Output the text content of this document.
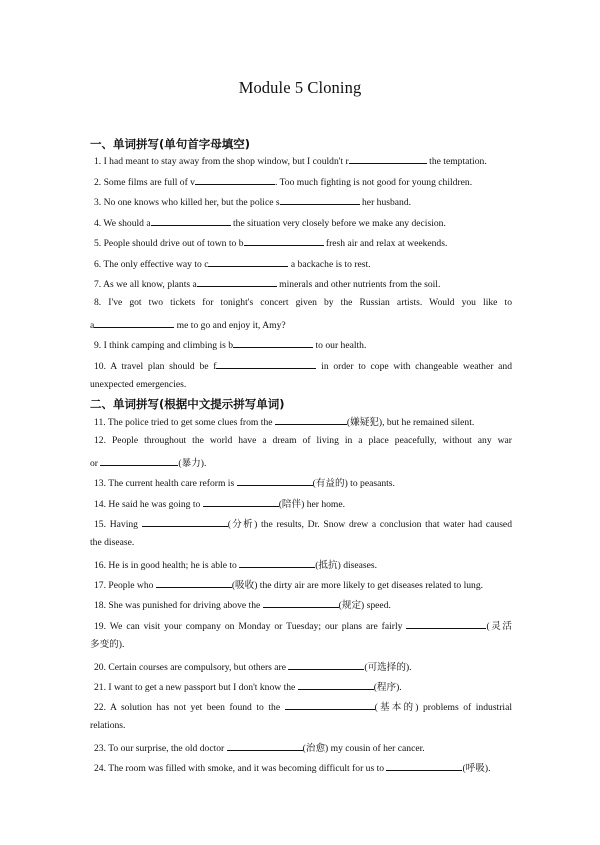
Module 5 Cloning
一、单词拼写(单句首字母填空)
1. I had meant to stay away from the shop window, but I couldn't r	the temptation.
2. Some films are full of v	. Too much fighting is not good for young children.
3. No one knows who killed her, but the police s	her husband.
4. We should a	the situation very closely before we make any decision.
5. People should drive out of town to b	fresh air and relax at weekends.
6. The only effective way to c	a backache is to rest.
7. As we all know, plants a	minerals and other nutrients from the soil.
8. I've got two tickets for tonight's concert given by the Russian artists. Would you like to
a	me to go and enjoy it, Amy?
9. I think camping and climbing is b	to our health.
10. A travel plan should be f	in order to cope with changeable weather and
unexpected emergencies.
二、单词拼写(根据中文提示拼写单词)
11. The police tried to get some clues from the	(嫌疑犯), but he remained silent.
12. People throughout the world have a dream of living in a place peacefully, without any war
or	(暴力).
13. The current health care reform is	(有益的) to peasants.
14. He said he was going to	(陪伴) her home.
15. Having	(分析) the results, Dr. Snow drew a conclusion that water had caused
the disease.
16. He is in good health; he is able to	(抵抗) diseases.
17. People who	(吸收) the dirty air are more likely to get diseases related to lung.
18. She was punished for driving above the	(规定) speed.
19. We can visit your company on Monday or Tuesday; our plans are fairly	(灵活
多变的).
20. Certain courses are compulsory, but others are	(可选择的).
21. I want to get a new passport but I don't know the	(程序).
22. A solution has not yet been found to the	(基本的) problems of industrial
relations.
23. To our surprise, the old doctor	(治愈) my cousin of her cancer.
24. The room was filled with smoke, and it was becoming difficult for us to	(呼吸).
